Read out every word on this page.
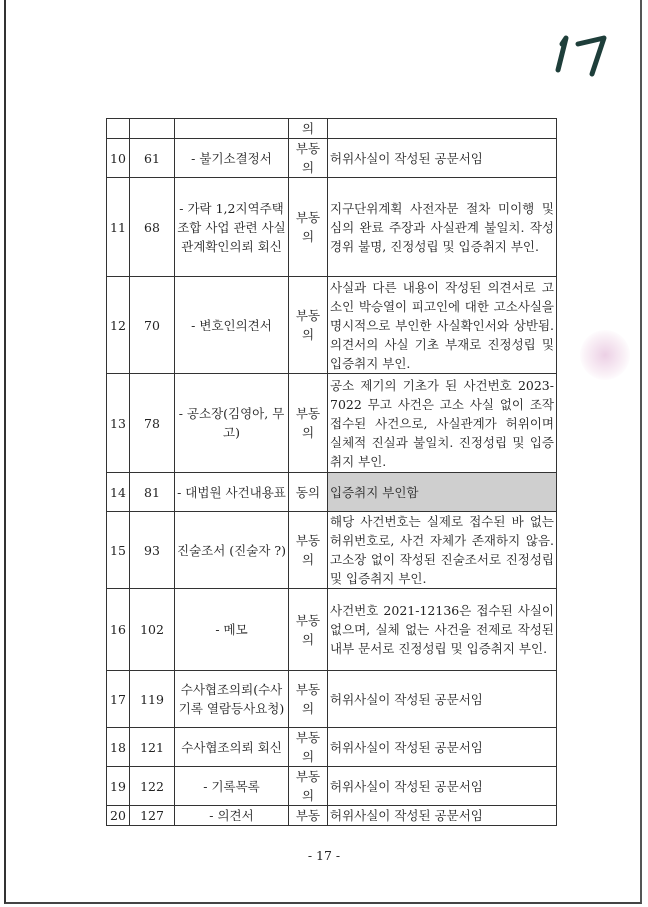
			의	
10	61	- 불기소결정서	부동의	허위사실이 작성된 공문서임
11	68	- 가락 1,2지역주택조합 사업 관련 사실관계확인의뢰 회신	부동의	지구단위계획 사전자문 절차 미이행 및 심의 완료 주장과 사실관계 불일치. 작성 경위 불명, 진정성립 및 입증취지 부인.
12	70	- 변호인의견서	부동의	사실과 다른 내용이 작성된 의견서로 고소인 박승열이 피고인에 대한 고소사실을 명시적으로 부인한 사실확인서와 상반됨. 의견서의 사실 기초 부재로 진정성립 및 입증취지 부인.
13	78	- 공소장(김영아, 무고)	부동의	공소 제기의 기초가 된 사건번호 2023-7022 무고 사건은 고소 사실 없이 조작 접수된 사건으로, 사실관계가 허위이며 실체적 진실과 불일치. 진정성립 및 입증취지 부인.
14	81	- 대법원 사건내용표	동의	입증취지 부인함
15	93	진술조서 (진술자 ?)	부동의	해당 사건번호는 실제로 접수된 바 없는 허위번호로, 사건 자체가 존재하지 않음. 고소장 없이 작성된 진술조서로 진정성립 및 입증취지 부인.
16	102	- 메모	부동의	사건번호 2021-12136은 접수된 사실이 없으며, 실체 없는 사건을 전제로 작성된 내부 문서로 진정성립 및 입증취지 부인.
17	119	수사협조의뢰(수사기록 열람등사요청)	부동의	허위사실이 작성된 공문서임
18	121	수사협조의뢰 회신	부동의	허위사실이 작성된 공문서임
19	122	- 기록목록	부동의	허위사실이 작성된 공문서임
20	127	- 의견서	부동	허위사실이 작성된 공문서임
- 17 -
